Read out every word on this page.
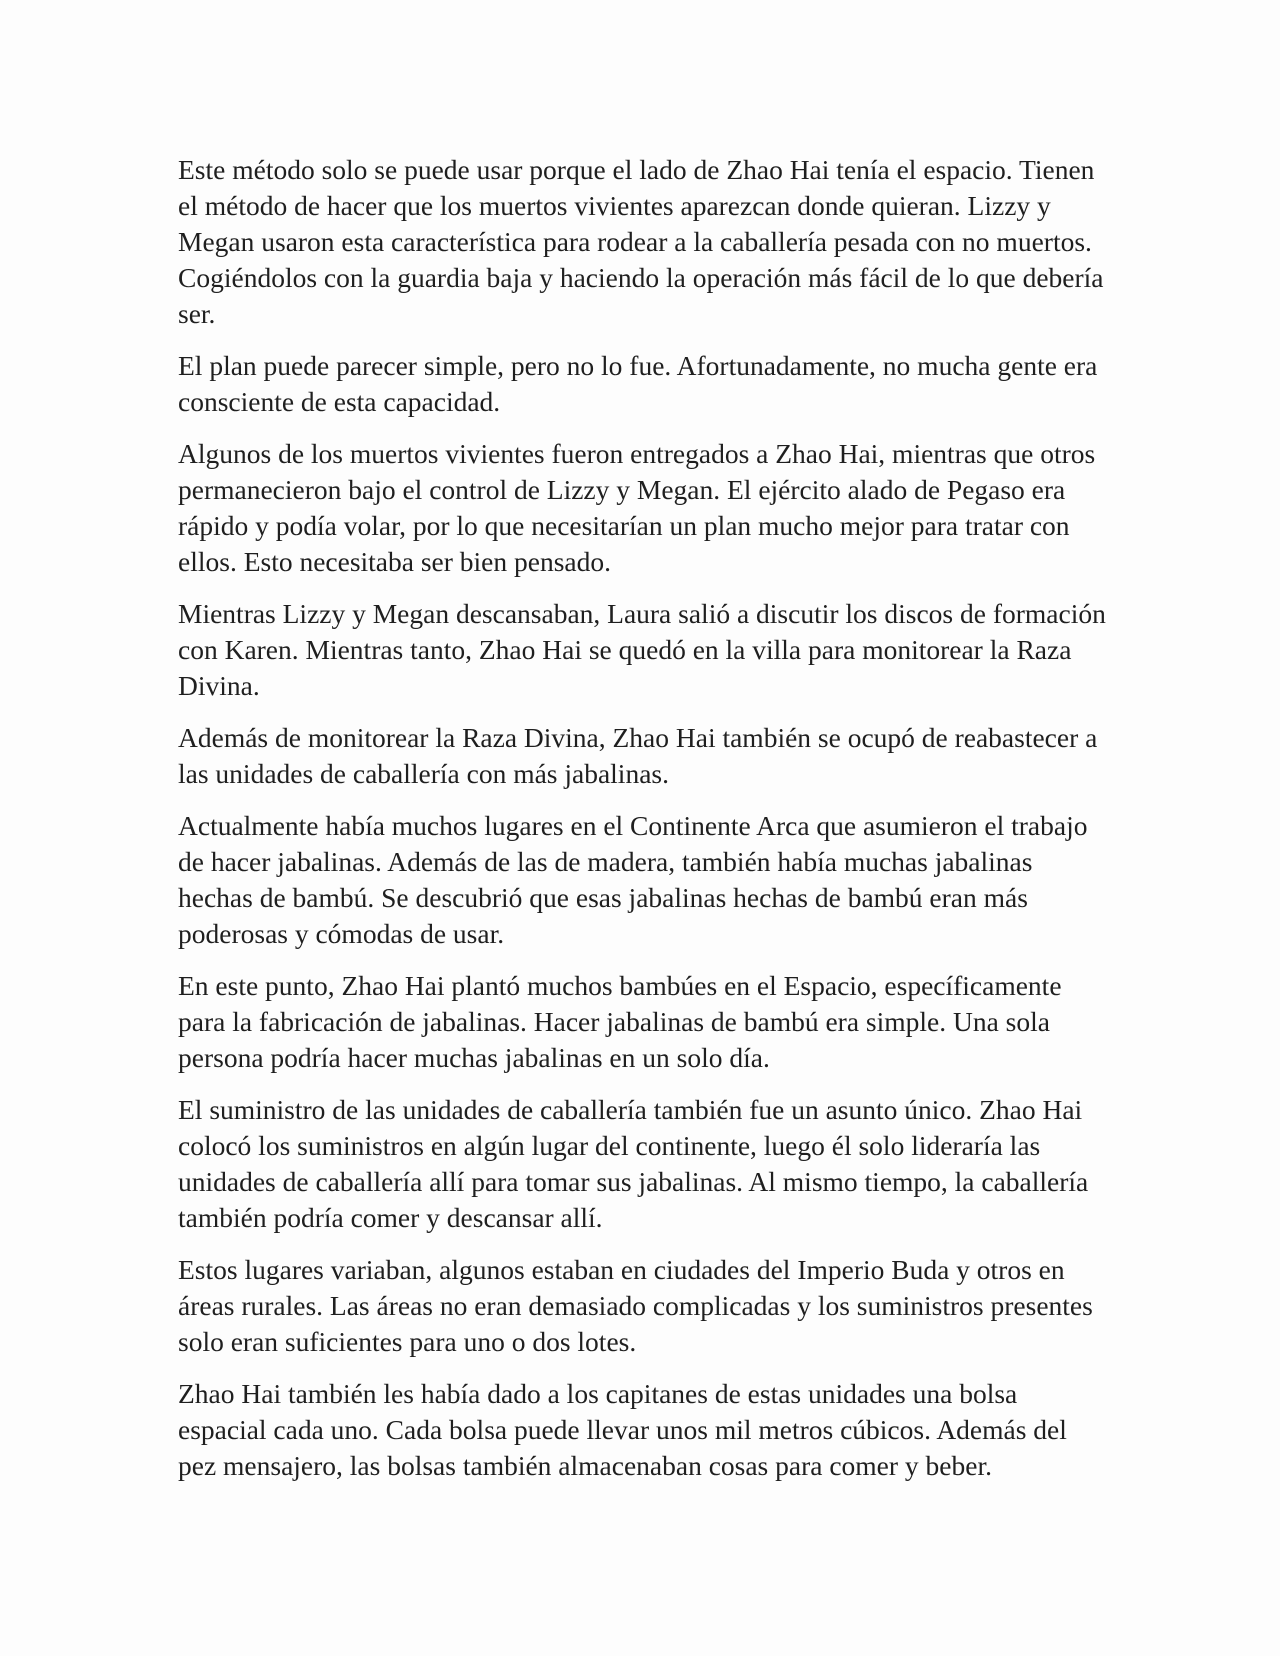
Este método solo se puede usar porque el lado de Zhao Hai tenía el espacio. Tienen el método de hacer que los muertos vivientes aparezcan donde quieran. Lizzy y Megan usaron esta característica para rodear a la caballería pesada con no muertos. Cogiéndolos con la guardia baja y haciendo la operación más fácil de lo que debería ser.

El plan puede parecer simple, pero no lo fue. Afortunadamente, no mucha gente era consciente de esta capacidad.

Algunos de los muertos vivientes fueron entregados a Zhao Hai, mientras que otros permanecieron bajo el control de Lizzy y Megan. El ejército alado de Pegaso era rápido y podía volar, por lo que necesitarían un plan mucho mejor para tratar con ellos. Esto necesitaba ser bien pensado.

Mientras Lizzy y Megan descansaban, Laura salió a discutir los discos de formación con Karen. Mientras tanto, Zhao Hai se quedó en la villa para monitorear la Raza Divina.

Además de monitorear la Raza Divina, Zhao Hai también se ocupó de reabastecer a las unidades de caballería con más jabalinas.

Actualmente había muchos lugares en el Continente Arca que asumieron el trabajo de hacer jabalinas. Además de las de madera, también había muchas jabalinas hechas de bambú. Se descubrió que esas jabalinas hechas de bambú eran más poderosas y cómodas de usar.

En este punto, Zhao Hai plantó muchos bambúes en el Espacio, específicamente para la fabricación de jabalinas. Hacer jabalinas de bambú era simple. Una sola persona podría hacer muchas jabalinas en un solo día.

El suministro de las unidades de caballería también fue un asunto único. Zhao Hai colocó los suministros en algún lugar del continente, luego él solo lideraría las unidades de caballería allí para tomar sus jabalinas. Al mismo tiempo, la caballería también podría comer y descansar allí.

Estos lugares variaban, algunos estaban en ciudades del Imperio Buda y otros en áreas rurales. Las áreas no eran demasiado complicadas y los suministros presentes solo eran suficientes para uno o dos lotes.

Zhao Hai también les había dado a los capitanes de estas unidades una bolsa espacial cada uno. Cada bolsa puede llevar unos mil metros cúbicos. Además del pez mensajero, las bolsas también almacenaban cosas para comer y beber.
